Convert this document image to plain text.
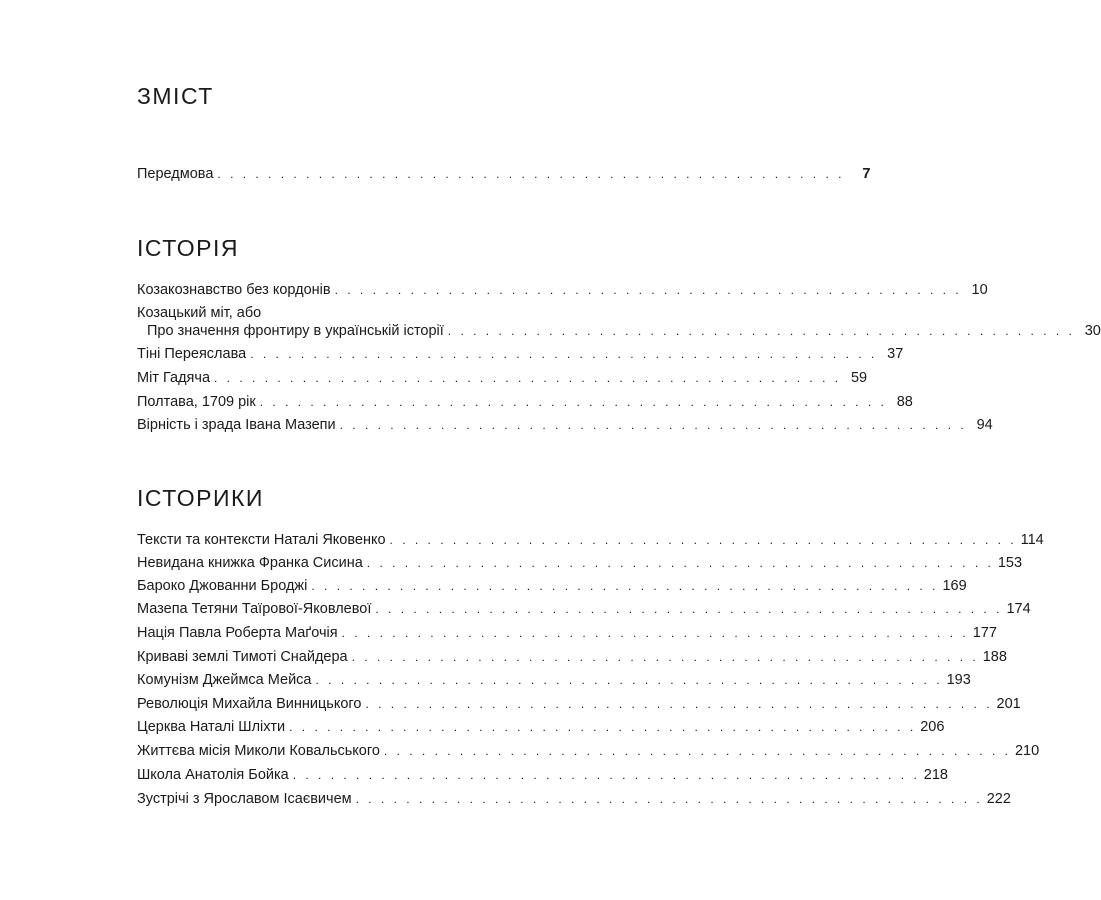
ЗМІСТ
Передмова . . . . . . . . . . . . . . . . . . . . . . . . . . . . . . . . . . . . . . . . . . . . . . . . . .	7
ІСТОРІЯ
Козакознавство без кордонів . . . . . . . . . . . . . . . . . . . . . . . . . . . . . . . . . . . . . . . . . . . . . . . . . . 10
Козацький міт, або
Про значення фронтиру в українській історії . . . . . . . . . . . . . . . . . . . . . . . . . . . . . . . . . . . . . . . . . . . . . . . . . . 30
Тіні Переяслава . . . . . . . . . . . . . . . . . . . . . . . . . . . . . . . . . . . . . . . . . . . . . . . . . . 37
Міт Гадяча . . . . . . . . . . . . . . . . . . . . . . . . . . . . . . . . . . . . . . . . . . . . . . . . . . 59
Полтава, 1709 рік . . . . . . . . . . . . . . . . . . . . . . . . . . . . . . . . . . . . . . . . . . . . . . . . . . 88
Вірність і зрада Івана Мазепи . . . . . . . . . . . . . . . . . . . . . . . . . . . . . . . . . . . . . . . . . . . . . . . . . . 94
ІСТОРИКИ
Тексти та контексти Наталі Яковенко . . . . . . . . . . . . . . . . . . . . . . . . . . . . . . . . . . . . . . . . . . . . . . . . . . 114
Невидана книжка Франка Сисина . . . . . . . . . . . . . . . . . . . . . . . . . . . . . . . . . . . . . . . . . . . . . . . . . . 153
Бароко Джованни Броджі . . . . . . . . . . . . . . . . . . . . . . . . . . . . . . . . . . . . . . . . . . . . . . . . . . 169
Мазепа Тетяни Таїрової-Яковлевої . . . . . . . . . . . . . . . . . . . . . . . . . . . . . . . . . . . . . . . . . . . . . . . . . . 174
Нація Павла Роберта Маґочія . . . . . . . . . . . . . . . . . . . . . . . . . . . . . . . . . . . . . . . . . . . . . . . . . . 177
Криваві землі Тимоті Снайдера . . . . . . . . . . . . . . . . . . . . . . . . . . . . . . . . . . . . . . . . . . . . . . . . . . 188
Комунізм Джеймса Мейса . . . . . . . . . . . . . . . . . . . . . . . . . . . . . . . . . . . . . . . . . . . . . . . . . . 193
Революція Михайла Винницького . . . . . . . . . . . . . . . . . . . . . . . . . . . . . . . . . . . . . . . . . . . . . . . . . . 201
Церква Наталі Шліхти . . . . . . . . . . . . . . . . . . . . . . . . . . . . . . . . . . . . . . . . . . . . . . . . . . 206
Життєва місія Миколи Ковальського . . . . . . . . . . . . . . . . . . . . . . . . . . . . . . . . . . . . . . . . . . . . . . . . . . 210
Школа Анатолія Бойка . . . . . . . . . . . . . . . . . . . . . . . . . . . . . . . . . . . . . . . . . . . . . . . . . . 218
Зустрічі з Ярославом Ісаєвичем . . . . . . . . . . . . . . . . . . . . . . . . . . . . . . . . . . . . . . . . . . . . . . . . . . 222
